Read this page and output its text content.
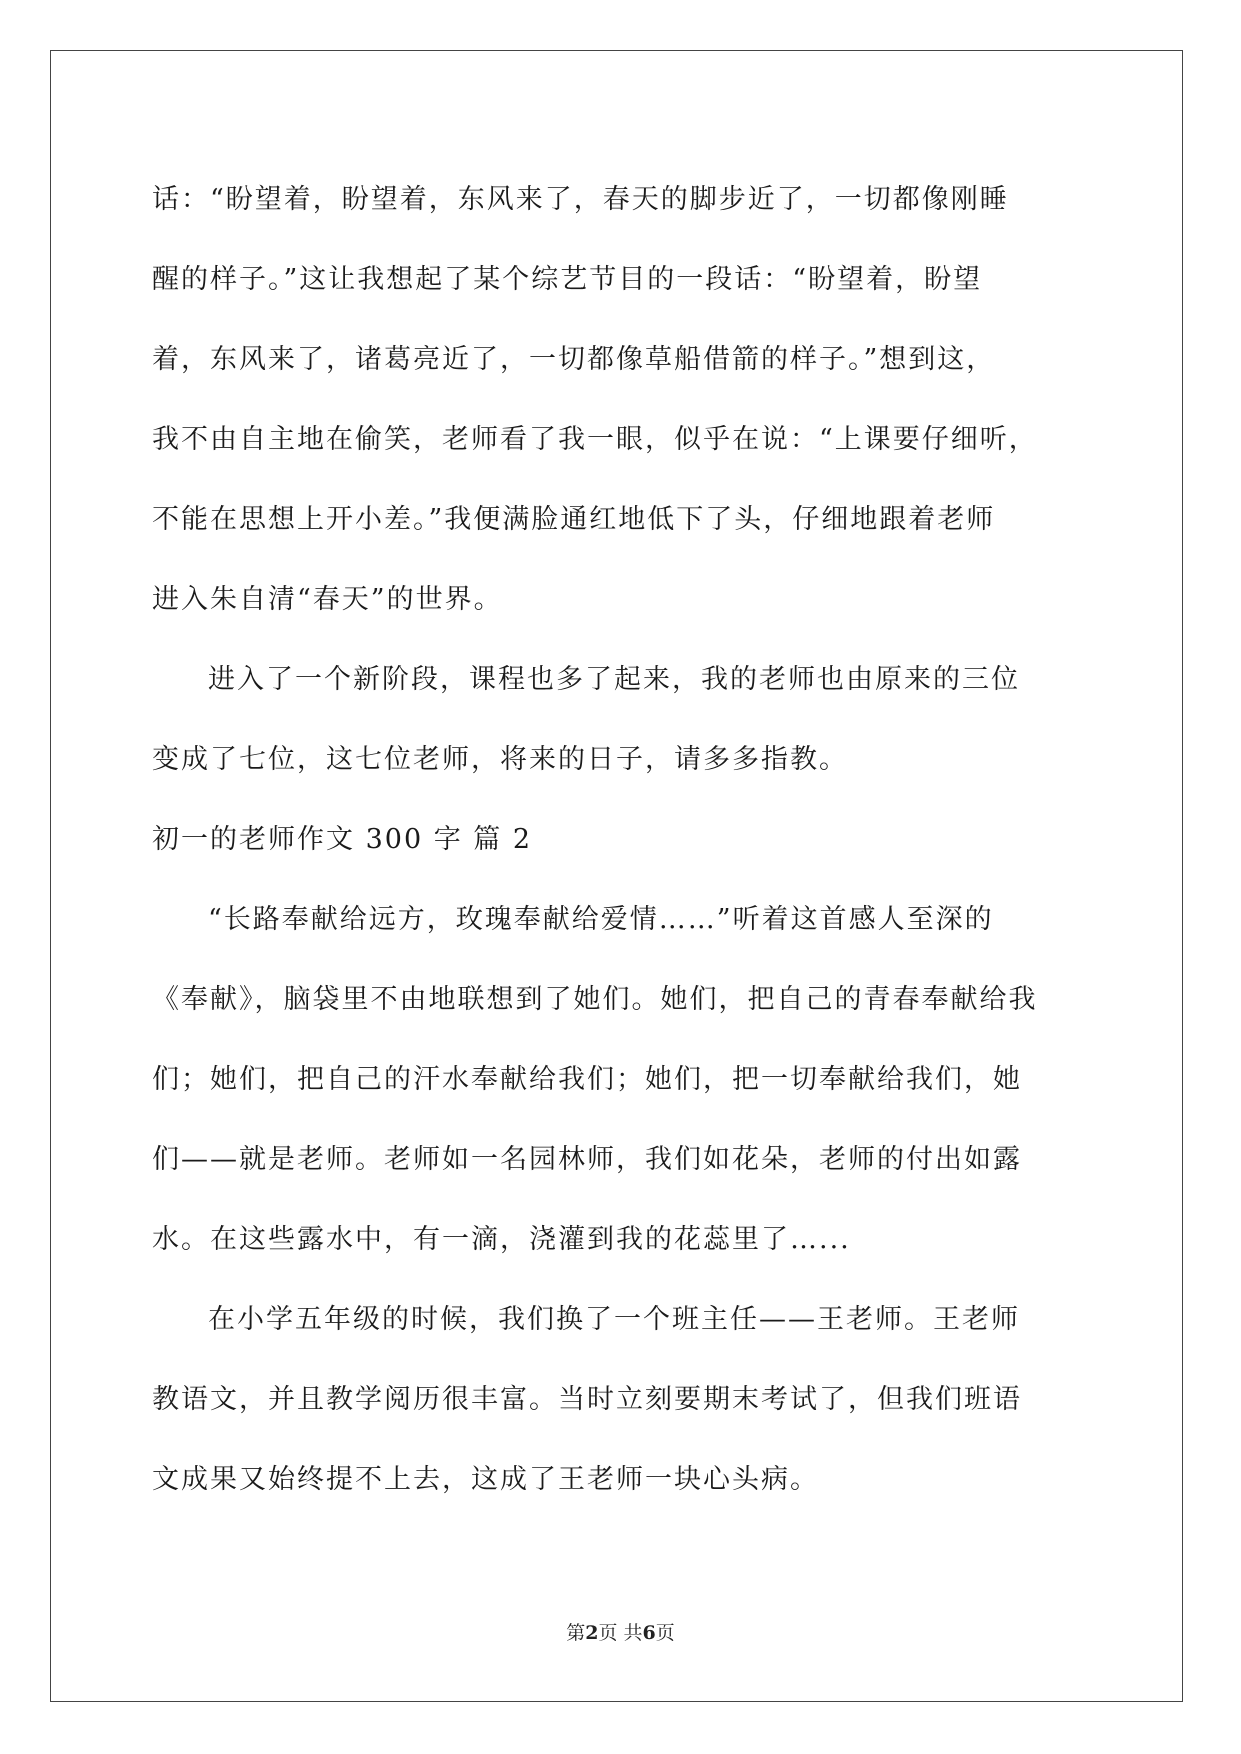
话：“盼望着，盼望着，东风来了，春天的脚步近了，一切都像刚睡
醒的样子。”这让我想起了某个综艺节目的一段话：“盼望着，盼望
着，东风来了，诸葛亮近了，一切都像草船借箭的样子。”想到这，
我不由自主地在偷笑，老师看了我一眼，似乎在说：“上课要仔细听，
不能在思想上开小差。”我便满脸通红地低下了头，仔细地跟着老师
进入朱自清“春天”的世界。
进入了一个新阶段，课程也多了起来，我的老师也由原来的三位
变成了七位，这七位老师，将来的日子，请多多指教。
初一的老师作文 300 字 篇 2
“长路奉献给远方，玫瑰奉献给爱情……”听着这首感人至深的
《奉献》，脑袋里不由地联想到了她们。她们，把自己的青春奉献给我
们；她们，把自己的汗水奉献给我们；她们，把一切奉献给我们，她
们——就是老师。老师如一名园林师，我们如花朵，老师的付出如露
水。在这些露水中，有一滴，浇灌到我的花蕊里了…...
在小学五年级的时候，我们换了一个班主任——王老师。王老师
教语文，并且教学阅历很丰富。当时立刻要期末考试了，但我们班语
文成果又始终提不上去，这成了王老师一块心头病。
第2页 共6页
